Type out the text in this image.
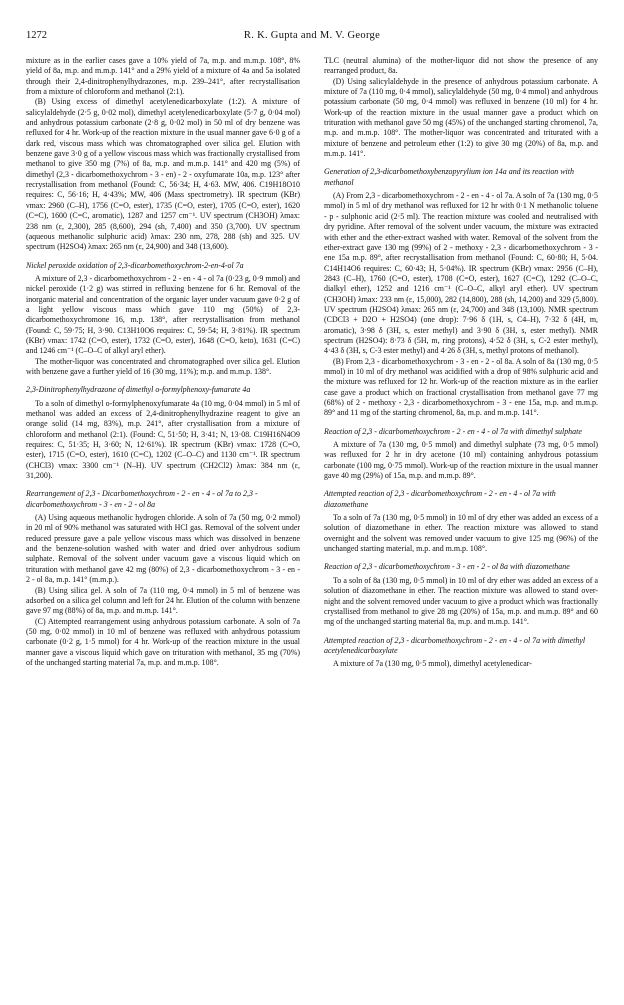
1272	R. K. Gupta and M. V. George

mixture as in the earlier cases gave a 10% yield of 7a, m.p. and m.m.p. 108°, 8% yield of 8a, m.p. and m.m.p. 141° and a 29% yield of a mixture of 4a and 5a isolated through their 2,4-dinitrophenylhydrazones, m.p. 239–241°, after recrystallisation from a mixture of chloroform and methanol (2:1).

(B) Using excess of dimethyl acetylenedicarboxylate (1:2). A mixture of salicylaldehyde (2·5 g, 0·02 mol), dimethyl acetylenedicarboxylate (5·7 g, 0·04 mol) and anhydrous potassium carbonate (2·8 g, 0·02 mol) in 50 ml of dry benzene was refluxed for 4 hr. Work-up of the reaction mixture in the usual manner gave 6·0 g of a dark red, viscous mass which was chromatographed over silica gel. Elution with benzene gave 3·0 g of a yellow viscous mass which was fractionally crystallised from methanol to give 350 mg (7%) of 8a, m.p. and m.m.p. 141° and 420 mg (5%) of dimethyl (2,3 - dicarbomethoxychrom - 3 - en) - 2 - oxyfumarate 10a, m.p. 123° after recrystallisation from methanol (Found: C, 56·34; H, 4·63. MW, 406. C19H18O10 requires: C, 56·16; H, 4·43%; MW, 406 (Mass spectrometry). IR spectrum (KBr) νmax: 2960 (C–H), 1756 (C=O, ester), 1735 (C=O, ester), 1705 (C=O, ester), 1620 (C=C), 1600 (C=C, aromatic), 1287 and 1257 cm⁻¹. UV spectrum (CH3OH) λmax: 238 nm (ε, 2,300), 285 (8,600), 294 (sh, 7,400) and 350 (3,700). UV spectrum (aqueous methanolic sulphuric acid) λmax: 230 nm, 278, 288 (sh) and 325. UV spectrum (H2SO4) λmax: 265 nm (ε, 24,900) and 348 (13,600).

Nickel peroxide oxidation of 2,3-dicarbomethoxychrom-2-en-4-ol 7a

A mixture of 2,3 - dicarbomethoxychrom - 2 - en - 4 - ol 7a (0·23 g, 0·9 mmol) and nickel peroxide (1·2 g) was stirred in refluxing benzene for 6 hr. Removal of the inorganic material and concentration of the organic layer under vacuum gave 0·2 g of a light yellow viscous mass which gave 110 mg (50%) of 2,3-dicarbomethoxychromone 16, m.p. 138°, after recrystallisation from methanol (Found: C, 59·75; H, 3·90. C13H10O6 requires: C, 59·54; H, 3·81%). IR spectrum (KBr) νmax: 1742 (C=O, ester), 1732 (C=O, ester), 1648 (C=O, keto), 1631 (C=C) and 1246 cm⁻¹ (C–O–C of alkyl aryl ether).

The mother-liquor was concentrated and chromatographed over silica gel. Elution with benzene gave a further yield of 16 (30 mg, 11%); m.p. and m.m.p. 138°.

2,3-Dinitrophenylhydrazone of dimethyl o-formylphenoxy-fumarate 4a

To a soln of dimethyl o-formylphenoxyfumarate 4a (10 mg, 0·04 mmol) in 5 ml of methanol was added an excess of 2,4-dinitrophenylhydrazine reagent to give an orange solid (14 mg, 83%), m.p. 241°, after crystallisation from a mixture of chloroform and methanol (2:1). (Found: C, 51·50; H, 3·41; N, 13·08. C19H16N4O9 requires: C, 51·35; H, 3·60; N, 12·61%). IR spectrum (KBr) νmax: 1728 (C=O, ester), 1715 (C=O, ester), 1610 (C=C), 1202 (C–O–C) and 1130 cm⁻¹. IR spectrum (CHCl3) νmax: 3300 cm⁻¹ (N–H). UV spectrum (CH2Cl2) λmax: 384 nm (ε, 31,200).

Rearrangement of 2,3 - Dicarbomethoxychrom - 2 - en - 4 - ol 7a to 2,3 - dicarbomethoxychrom - 3 - en - 2 - ol 8a

(A) Using aqueous methanolic hydrogen chloride. A soln of 7a (50 mg, 0·2 mmol) in 20 ml of 90% methanol was saturated with HCl gas. Removal of the solvent under reduced pressure gave a pale yellow viscous mass which was dissolved in benzene and the benzene-solution washed with water and dried over anhydrous sodium sulphate. Removal of the solvent under vacuum gave a viscous liquid which on trituration with methanol gave 42 mg (80%) of 2,3 - dicarbomethoxychrom - 3 - en - 2 - ol 8a, m.p. 141° (m.m.p.).

(B) Using silica gel. A soln of 7a (110 mg, 0·4 mmol) in 5 ml of benzene was adsorbed on a silica gel column and left for 24 hr. Elution of the column with benzene gave 97 mg (88%) of 8a, m.p. and m.m.p. 141°.

(C) Attempted rearrangement using anhydrous potassium carbonate. A soln of 7a (50 mg, 0·02 mmol) in 10 ml of benzene was refluxed with anhydrous potassium carbonate (0·2 g, 1·5 mmol) for 4 hr. Work-up of the reaction mixture in the usual manner gave a viscous liquid which gave on trituration with methanol, 35 mg (70%) of the unchanged starting material 7a, m.p. and m.m.p. 108°.

TLC (neutral alumina) of the mother-liquor did not show the presence of any rearranged product, 8a.

(D) Using salicylaldehyde in the presence of anhydrous potassium carbonate. A mixture of 7a (110 mg, 0·4 mmol), salicylaldehyde (50 mg, 0·4 mmol) and anhydrous potassium carbonate (50 mg, 0·4 mmol) was refluxed in benzene (10 ml) for 4 hr. Work-up of the reaction mixture in the usual manner gave a product which on trituration with methanol gave 50 mg (45%) of the unchanged starting chromenol, 7a, m.p. and m.m.p. 108°. The mother-liquor was concentrated and triturated with a mixture of benzene and petroleum ether (1:2) to give 30 mg (20%) of 8a, m.p. and m.m.p. 141°.

Generation of 2,3-dicarbomethoxybenzopyrylium ion 14a and its reaction with methanol

(A) From 2,3 - dicarbomethoxychrom - 2 - en - 4 - ol 7a. A soln of 7a (130 mg, 0·5 mmol) in 5 ml of dry methanol was refluxed for 12 hr with 0·1 N methanolic toluene - p - sulphonic acid (2·5 ml). The reaction mixture was cooled and neutralised with dry pyridine. After removal of the solvent under vacuum, the mixture was extracted with ether and the ether-extract washed with water. Removal of the solvent from the ether-extract gave 130 mg (99%) of 2 - methoxy - 2,3 - dicarbomethoxychrom - 3 - ene 15a m.p. 89°, after recrystallisation from methanol (Found: C, 60·80; H, 5·04. C14H14O6 requires: C, 60·43; H, 5·04%). IR spectrum (KBr) νmax: 2956 (C–H), 2843 (C–H), 1760 (C=O, ester), 1708 (C=O, ester), 1627 (C=C), 1292 (C–O–C, dialkyl ether), 1252 and 1216 cm⁻¹ (C–O–C, alkyl aryl ether). UV spectrum (CH3OH) λmax: 233 nm (ε, 15,000), 282 (14,800), 288 (sh, 14,200) and 329 (5,800). UV spectrum (H2SO4) λmax: 265 nm (ε, 24,700) and 348 (13,100). NMR spectrum (CDCl3 + D2O + H2SO4) (one drop): 7·96 δ (1H, s, C4–H), 7·32 δ (4H, m, aromatic), 3·98 δ (3H, s, ester methyl) and 3·90 δ (3H, s, ester methyl). NMR spectrum (H2SO4): 8·73 δ (5H, m, ring protons), 4·52 δ (3H, s, C-2 ester methyl), 4·43 δ (3H, s, C-3 ester methyl) and 4·26 δ (3H, s, methyl protons of methanol).

(B) From 2,3 - dicarbomethoxychrom - 3 - en - 2 - ol 8a. A soln of 8a (130 mg, 0·5 mmol) in 10 ml of dry methanol was acidified with a drop of 98% sulphuric acid and the mixture was refluxed for 12 hr. Work-up of the reaction mixture as in the earlier case gave a product which on fractional crystallisation from methanol gave 77 mg (68%) of 2 - methoxy - 2,3 - dicarbomethoxychrom - 3 - ene 15a, m.p. and m.m.p. 89° and 11 mg of the starting chromenol, 8a, m.p. and m.m.p. 141°.

Reaction of 2,3 - dicarbomethoxychrom - 2 - en - 4 - ol 7a with dimethyl sulphate

A mixture of 7a (130 mg, 0·5 mmol) and dimethyl sulphate (73 mg, 0·5 mmol) was refluxed for 2 hr in dry acetone (10 ml) containing anhydrous potassium carbonate (100 mg, 0·75 mmol). Work-up of the reaction mixture in the usual manner gave 40 mg (29%) of 15a, m.p. and m.m.p. 89°.

Attempted reaction of 2,3 - dicarbomethoxychrom - 2 - en - 4 - ol 7a with diazomethane

To a soln of 7a (130 mg, 0·5 mmol) in 10 ml of dry ether was added an excess of a solution of diazomethane in ether. The reaction mixture was allowed to stand overnight and the solvent was removed under vacuum to give 125 mg (96%) of the unchanged starting material, m.p. and m.m.p. 108°.

Reaction of 2,3 - dicarbomethoxychrom - 3 - en - 2 - ol 8a with diazomethane

To a soln of 8a (130 mg, 0·5 mmol) in 10 ml of dry ether was added an excess of a solution of diazomethane in ether. The reaction mixture was allowed to stand over-night and the solvent removed under vacuum to give a product which was fractionally crystallised from methanol to give 28 mg (20%) of 15a, m.p. and m.m.p. 89° and 60 mg of the unchanged starting material 8a, m.p. and m.m.p. 141°.

Attempted reaction of 2,3 - dicarbomethoxychrom - 2 - en - 4 - ol 7a with dimethyl acetylenedicarboxylate

A mixture of 7a (130 mg, 0·5 mmol), dimethyl acetylenedicar-
